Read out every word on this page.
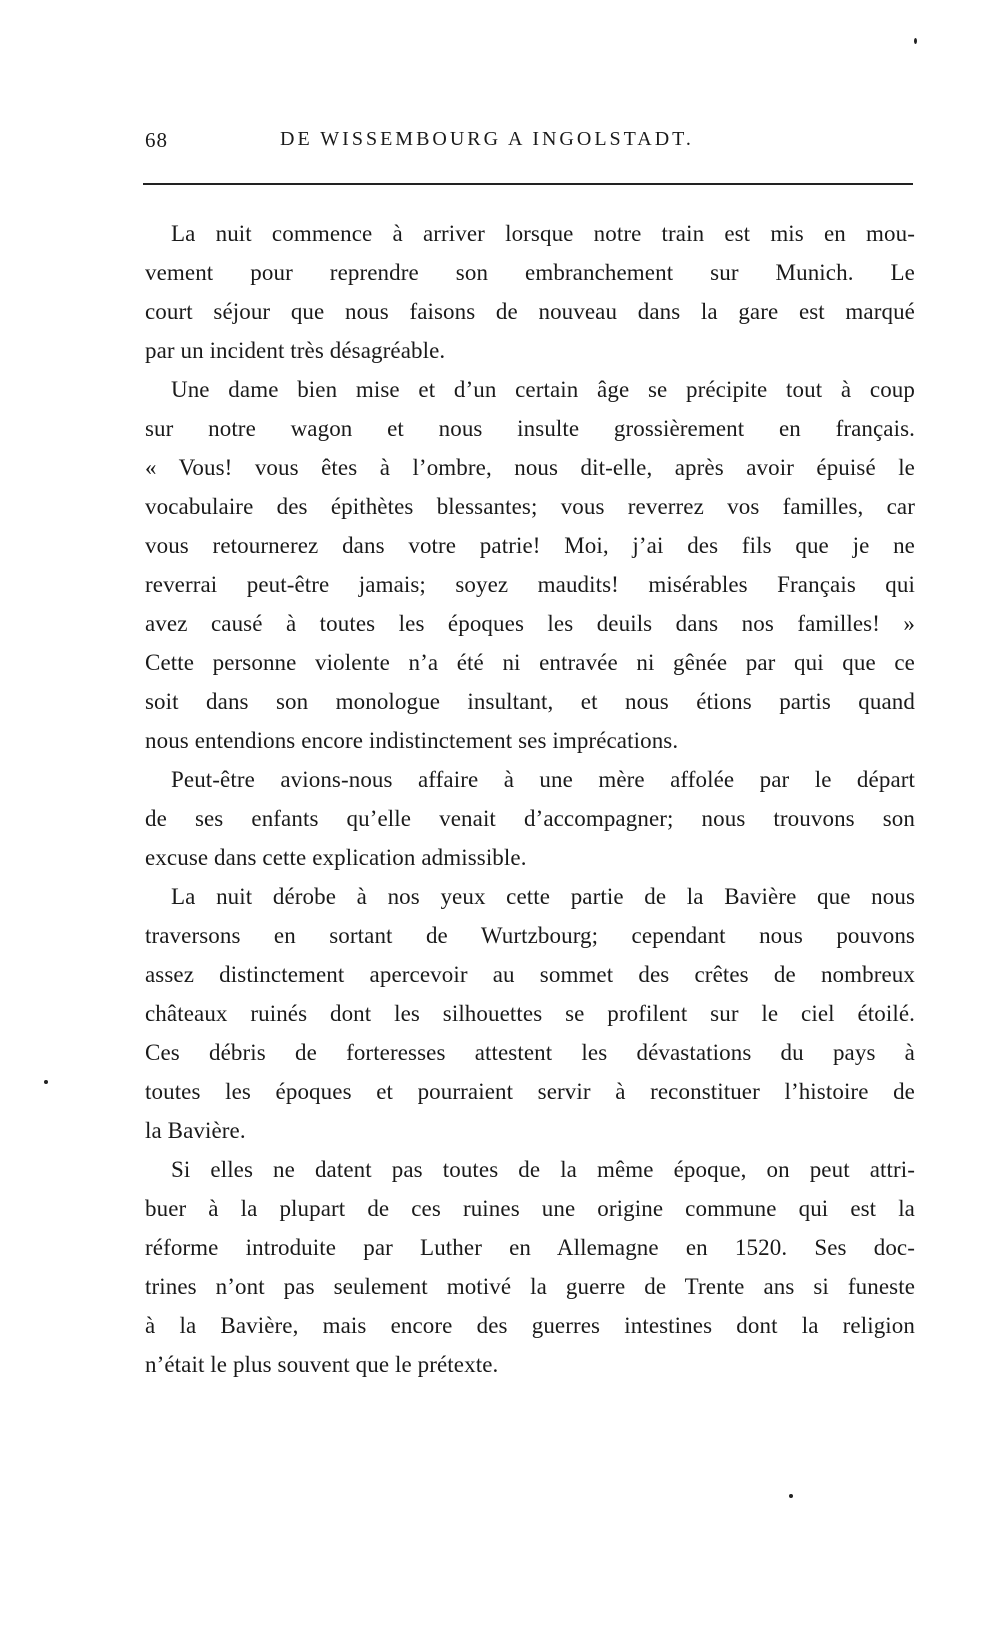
68	DE WISSEMBOURG A INGOLSTADT.
La nuit commence à arriver lorsque notre train est mis en mou-
vement pour reprendre son embranchement sur Munich. Le
court séjour que nous faisons de nouveau dans la gare est marqué
par un incident très désagréable.
Une dame bien mise et d’un certain âge se précipite tout à coup
sur notre wagon et nous insulte grossièrement en français.
« Vous! vous êtes à l’ombre, nous dit-elle, après avoir épuisé le
vocabulaire des épithètes blessantes; vous reverrez vos familles, car
vous retournerez dans votre patrie! Moi, j’ai des fils que je ne
reverrai peut-être jamais; soyez maudits! misérables Français qui
avez causé à toutes les époques les deuils dans nos familles! »
Cette personne violente n’a été ni entravée ni gênée par qui que ce
soit dans son monologue insultant, et nous étions partis quand
nous entendions encore indistinctement ses imprécations.
Peut-être avions-nous affaire à une mère affolée par le départ
de ses enfants qu’elle venait d’accompagner; nous trouvons son
excuse dans cette explication admissible.
La nuit dérobe à nos yeux cette partie de la Bavière que nous
traversons en sortant de Wurtzbourg; cependant nous pouvons
assez distinctement apercevoir au sommet des crêtes de nombreux
châteaux ruinés dont les silhouettes se profilent sur le ciel étoilé.
Ces débris de forteresses attestent les dévastations du pays à
toutes les époques et pourraient servir à reconstituer l’histoire de
la Bavière.
Si elles ne datent pas toutes de la même époque, on peut attri-
buer à la plupart de ces ruines une origine commune qui est la
réforme introduite par Luther en Allemagne en 1520. Ses doc-
trines n’ont pas seulement motivé la guerre de Trente ans si funeste
à la Bavière, mais encore des guerres intestines dont la religion
n’était le plus souvent que le prétexte.
